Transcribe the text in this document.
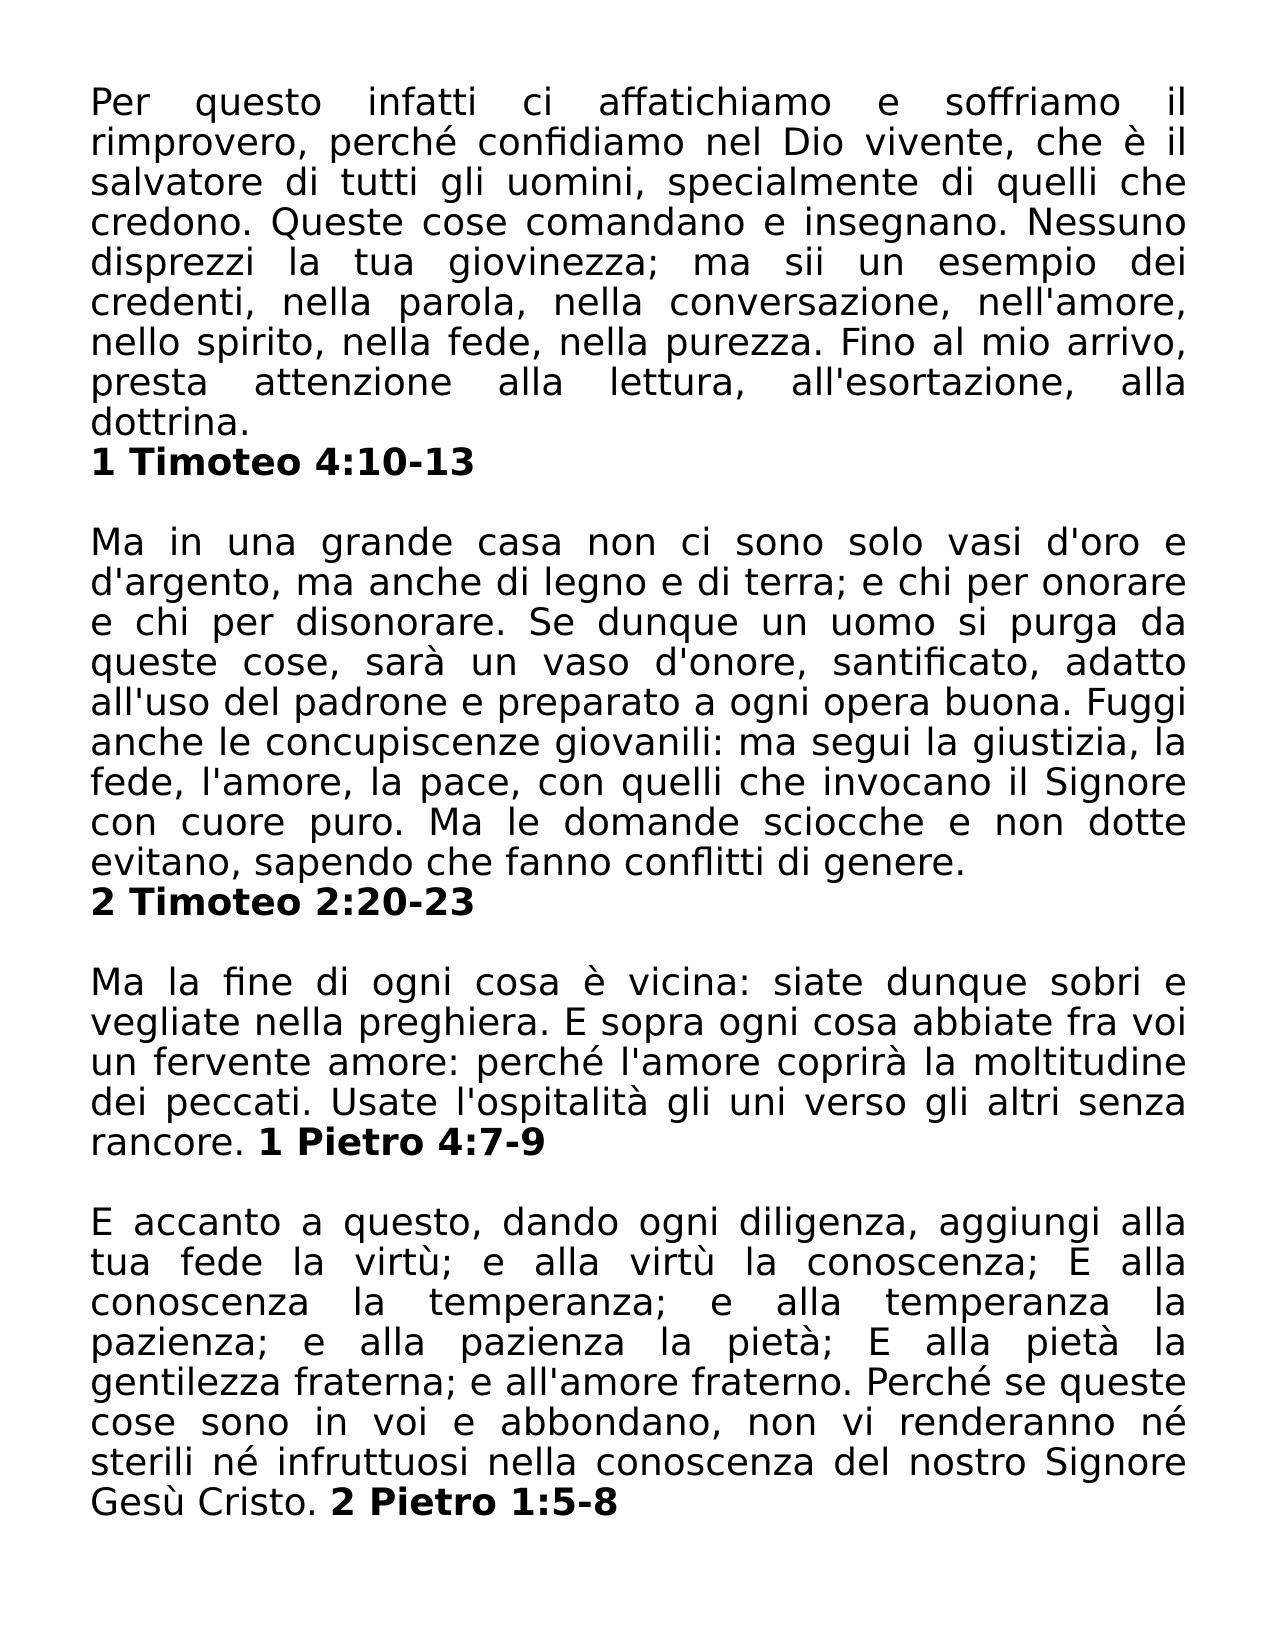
Per questo infatti ci affatichiamo e soffriamo il rimprovero, perché confidiamo nel Dio vivente, che è il salvatore di tutti gli uomini, specialmente di quelli che credono. Queste cose comandano e insegnano. Nessuno disprezzi la tua giovinezza; ma sii un esempio dei credenti, nella parola, nella conversazione, nell'amore, nello spirito, nella fede, nella purezza. Fino al mio arrivo, presta attenzione alla lettura, all'esortazione, alla dottrina.
1 Timoteo 4:10-13
Ma in una grande casa non ci sono solo vasi d'oro e d'argento, ma anche di legno e di terra; e chi per onorare e chi per disonorare. Se dunque un uomo si purga da queste cose, sarà un vaso d'onore, santificato, adatto all'uso del padrone e preparato a ogni opera buona. Fuggi anche le concupiscenze giovanili: ma segui la giustizia, la fede, l'amore, la pace, con quelli che invocano il Signore con cuore puro. Ma le domande sciocche e non dotte evitano, sapendo che fanno conflitti di genere.
2 Timoteo 2:20-23
Ma la fine di ogni cosa è vicina: siate dunque sobri e vegliate nella preghiera. E sopra ogni cosa abbiate fra voi un fervente amore: perché l'amore coprirà la moltitudine dei peccati. Usate l'ospitalità gli uni verso gli altri senza rancore. 1 Pietro 4:7-9
E accanto a questo, dando ogni diligenza, aggiungi alla tua fede la virtù; e alla virtù la conoscenza; E alla conoscenza la temperanza; e alla temperanza la pazienza; e alla pazienza la pietà; E alla pietà la gentilezza fraterna; e all'amore fraterno. Perché se queste cose sono in voi e abbondano, non vi renderanno né sterili né infruttuosi nella conoscenza del nostro Signore Gesù Cristo. 2 Pietro 1:5-8
